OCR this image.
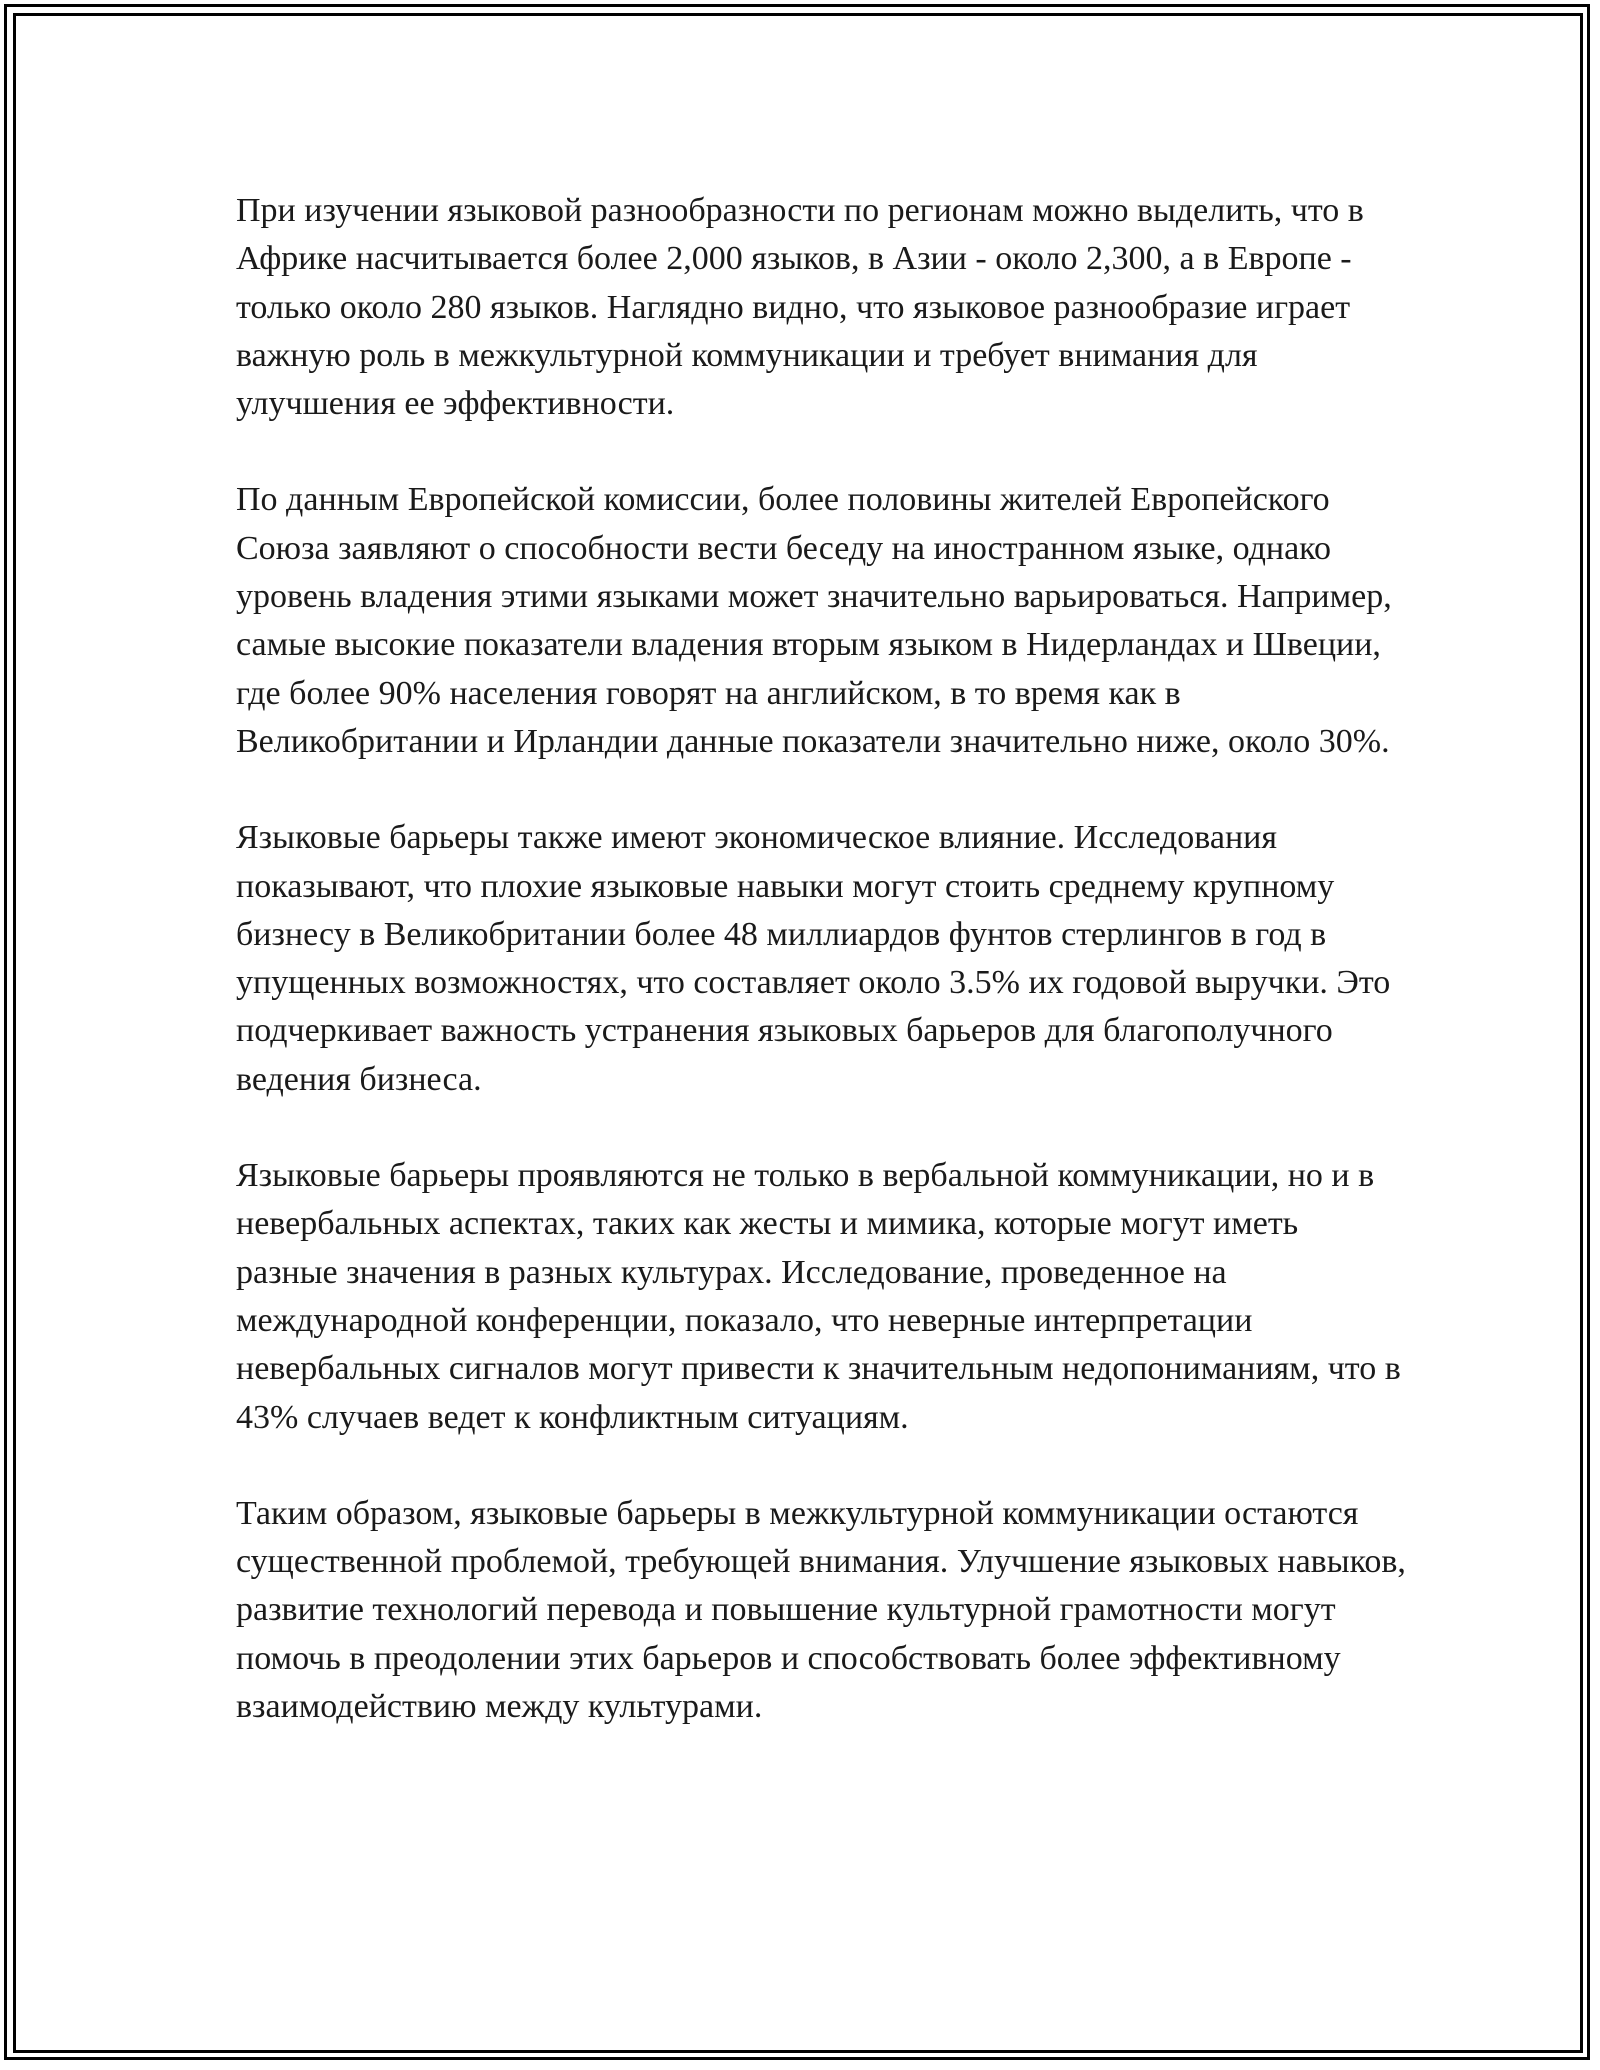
При изучении языковой разнообразности по регионам можно выделить, что в Африке насчитывается более 2,000 языков, в Азии - около 2,300, а в Европе - только около 280 языков. Наглядно видно, что языковое разнообразие играет важную роль в межкультурной коммуникации и требует внимания для улучшения ее эффективности.

По данным Европейской комиссии, более половины жителей Европейского Союза заявляют о способности вести беседу на иностранном языке, однако уровень владения этими языками может значительно варьироваться. Например, самые высокие показатели владения вторым языком в Нидерландах и Швеции, где более 90% населения говорят на английском, в то время как в Великобритании и Ирландии данные показатели значительно ниже, около 30%.

Языковые барьеры также имеют экономическое влияние. Исследования показывают, что плохие языковые навыки могут стоить среднему крупному бизнесу в Великобритании более 48 миллиардов фунтов стерлингов в год в упущенных возможностях, что составляет около 3.5% их годовой выручки. Это подчеркивает важность устранения языковых барьеров для благополучного ведения бизнеса.

Языковые барьеры проявляются не только в вербальной коммуникации, но и в невербальных аспектах, таких как жесты и мимика, которые могут иметь разные значения в разных культурах. Исследование, проведенное на международной конференции, показало, что неверные интерпретации невербальных сигналов могут привести к значительным недопониманиям, что в 43% случаев ведет к конфликтным ситуациям.

Таким образом, языковые барьеры в межкультурной коммуникации остаются существенной проблемой, требующей внимания. Улучшение языковых навыков, развитие технологий перевода и повышение культурной грамотности могут помочь в преодолении этих барьеров и способствовать более эффективному взаимодействию между культурами.
